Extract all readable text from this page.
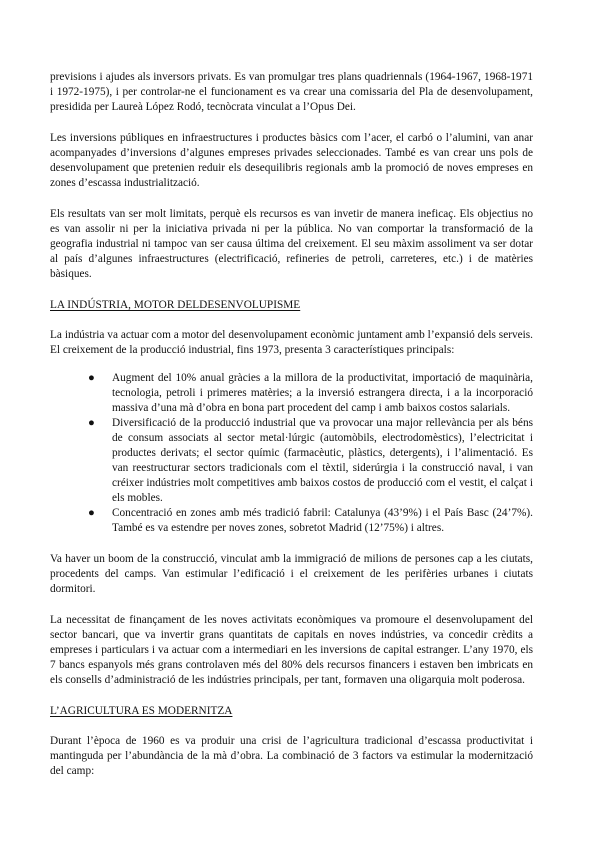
previsions i ajudes als inversors privats. Es van promulgar tres plans quadriennals (1964-1967, 1968-1971 i 1972-1975), i per controlar-ne el funcionament es va crear una comissaria del Pla de desenvolupament, presidida per Laureà López Rodó, tecnòcrata vinculat a l’Opus Dei.

Les inversions públiques en infraestructures i productes bàsics com l’acer, el carbó o l’alumini, van anar acompanyades d’inversions d’algunes empreses privades seleccionades. També es van crear uns pols de desenvolupament que pretenien reduir els desequilibris regionals amb la promoció de noves empreses en zones d’escassa industrialització.

Els resultats van ser molt limitats, perquè els recursos es van invetir de manera ineficaç. Els objectius no es van assolir ni per la iniciativa privada ni per la pública. No van comportar la transformació de la geografia industrial ni tampoc van ser causa última del creixement. El seu màxim assoliment va ser dotar al país d’algunes infraestructures (electrificació, refineries de petroli, carreteres, etc.) i de matèries bàsiques.

LA INDÚSTRIA, MOTOR DELDESENVOLUPISME

La indústria va actuar com a motor del desenvolupament econòmic juntament amb l’expansió dels serveis. El creixement de la producció industrial, fins 1973, presenta 3 característiques principals:

● Augment del 10% anual gràcies a la millora de la productivitat, importació de maquinària, tecnologia, petroli i primeres matèries; a la inversió estrangera directa, i a la incorporació massiva d’una mà d’obra en bona part procedent del camp i amb baixos costos salarials.
● Diversificació de la producció industrial que va provocar una major rellevància per als béns de consum associats al sector metal·lúrgic (automòbils, electrodomèstics), l’electricitat i productes derivats; el sector químic (farmacèutic, plàstics, detergents), i l’alimentació. Es van reestructurar sectors tradicionals com el tèxtil, siderúrgia i la construcció naval, i van créixer indústries molt competitives amb baixos costos de producció com el vestit, el calçat i els mobles.
● Concentració en zones amb més tradició fabril: Catalunya (43’9%) i el País Basc (24’7%). També es va estendre per noves zones, sobretot Madrid (12’75%) i altres.

Va haver un boom de la construcció, vinculat amb la immigració de milions de persones cap a les ciutats, procedents del camps. Van estimular l’edificació i el creixement de les perifèries urbanes i ciutats dormitori.

La necessitat de finançament de les noves activitats econòmiques va promoure el desenvolupament del sector bancari, que va invertir grans quantitats de capitals en noves indústries, va concedir crèdits a empreses i particulars i va actuar com a intermediari en les inversions de capital estranger. L’any 1970, els 7 bancs espanyols més grans controlaven més del 80% dels recursos financers i estaven ben imbricats en els consells d’administració de les indústries principals, per tant, formaven una oligarquia molt poderosa.

L’AGRICULTURA ES MODERNITZA

Durant l’època de 1960 es va produir una crisi de l’agricultura tradicional d’escassa productivitat i mantinguda per l’abundància de la mà d’obra. La combinació de 3 factors va estimular la modernització del camp:
